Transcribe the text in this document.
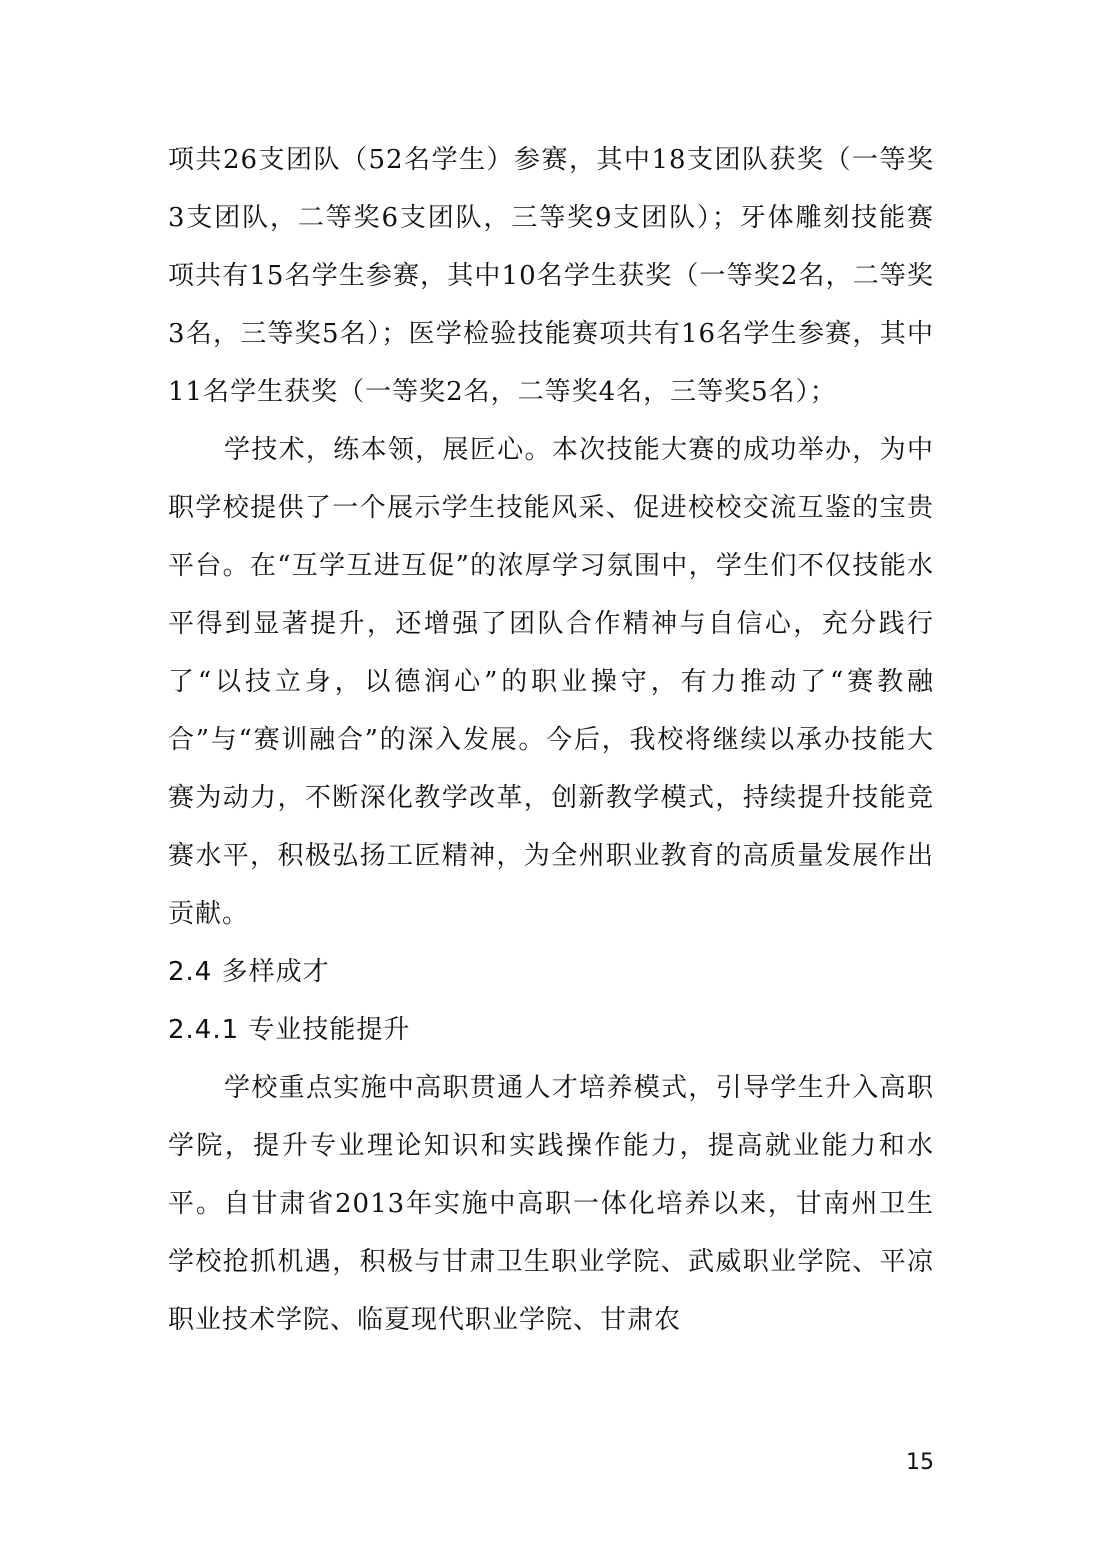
项共26支团队（52名学生）参赛，其中18支团队获奖（一等奖3支团队，二等奖6支团队，三等奖9支团队）；牙体雕刻技能赛项共有15名学生参赛，其中10名学生获奖（一等奖2名，二等奖3名，三等奖5名）；医学检验技能赛项共有16名学生参赛，其中11名学生获奖（一等奖2名，二等奖4名，三等奖5名）；

学技术，练本领，展匠心。本次技能大赛的成功举办，为中职学校提供了一个展示学生技能风采、促进校校交流互鉴的宝贵平台。在“互学互进互促”的浓厚学习氛围中，学生们不仅技能水平得到显著提升，还增强了团队合作精神与自信心，充分践行了“以技立身，以德润心”的职业操守，有力推动了“赛教融合”与“赛训融合”的深入发展。今后，我校将继续以承办技能大赛为动力，不断深化教学改革，创新教学模式，持续提升技能竞赛水平，积极弘扬工匠精神，为全州职业教育的高质量发展作出贡献。

2.4 多样成才
2.4.1 专业技能提升

学校重点实施中高职贯通人才培养模式，引导学生升入高职学院，提升专业理论知识和实践操作能力，提高就业能力和水平。自甘肃省2013年实施中高职一体化培养以来，甘南州卫生学校抢抓机遇，积极与甘肃卫生职业学院、武威职业学院、平凉职业技术学院、临夏现代职业学院、甘肃农

15
